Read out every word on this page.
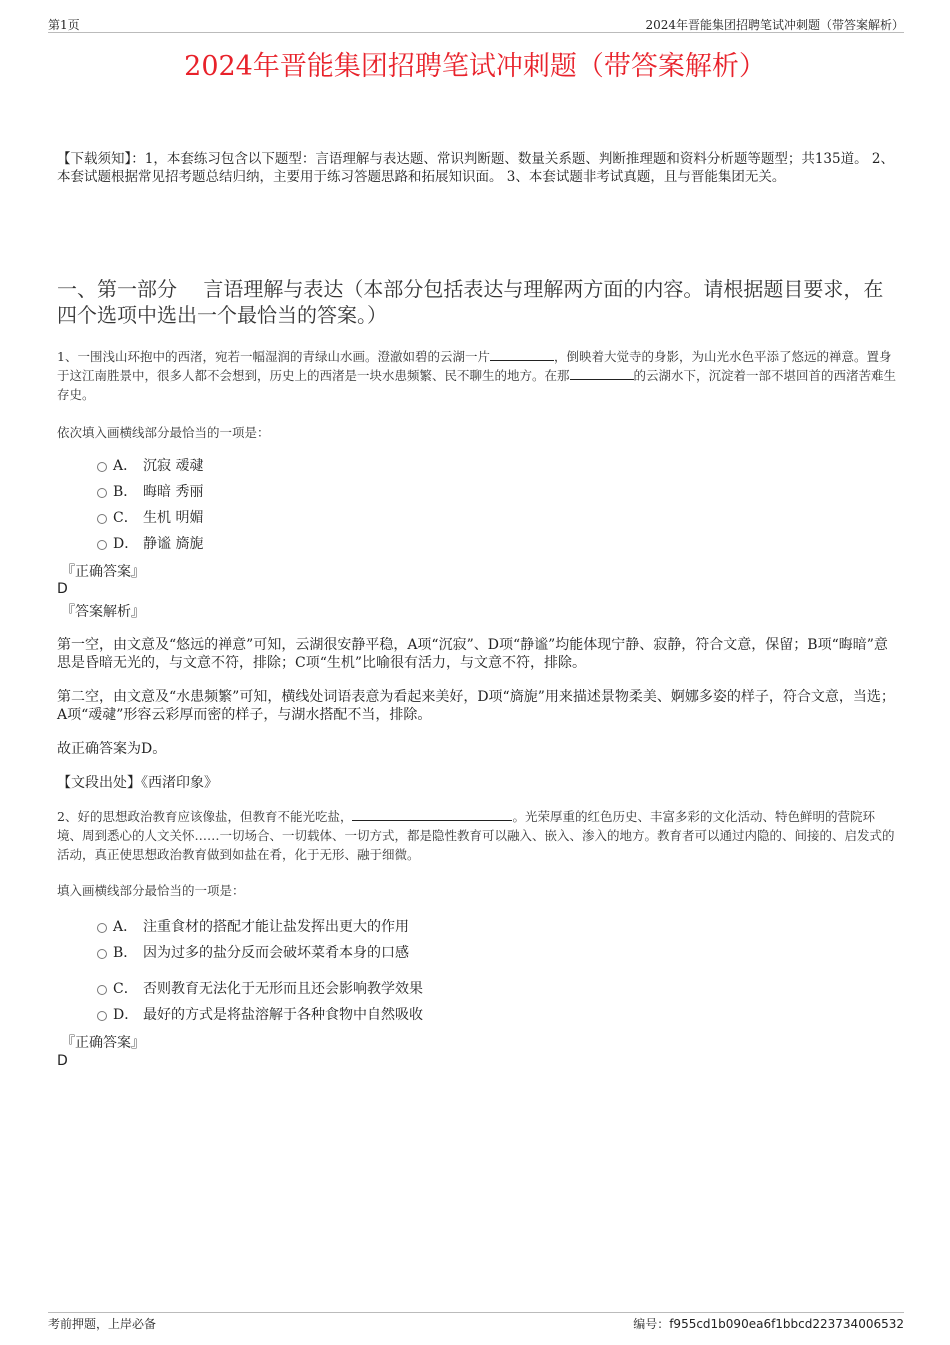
第1页	2024年晋能集团招聘笔试冲刺题（带答案解析）
2024年晋能集团招聘笔试冲刺题（带答案解析）
【下载须知】：1，本套练习包含以下题型：言语理解与表达题、常识判断题、数量关系题、判断推理题和资料分析题等题型；共135道。 2、本套试题根据常见招考题总结归纳，主要用于练习答题思路和拓展知识面。 3、本套试题非考试真题，且与晋能集团无关。
一、第一部分　 言语理解与表达（本部分包括表达与理解两方面的内容。请根据题目要求，在四个选项中选出一个最恰当的答案。）
1、一围浅山环抱中的西渚，宛若一幅湿润的青绿山水画。澄澈如碧的云湖一片	，倒映着大觉寺的身影，为山光水色平添了悠远的禅意。置身于这江南胜景中，很多人都不会想到，历史上的西渚是一块水患频繁、民不聊生的地方。在那	的云湖水下，沉淀着一部不堪回首的西渚苦难生存史。
依次填入画横线部分最恰当的一项是：
A． 沉寂 叆叇
B． 晦暗 秀丽
C． 生机 明媚
D． 静谧 旖旎
『正确答案』
D
『答案解析』
第一空，由文意及“悠远的禅意”可知，云湖很安静平稳，A项“沉寂”、D项“静谧”均能体现宁静、寂静，符合文意，保留；B项“晦暗”意思是昏暗无光的，与文意不符，排除；C项“生机”比喻很有活力，与文意不符，排除。
第二空，由文意及“水患频繁”可知，横线处词语表意为看起来美好，D项“旖旎”用来描述景物柔美、婀娜多姿的样子，符合文意，当选；A项“叆叇”形容云彩厚而密的样子，与湖水搭配不当，排除。
故正确答案为D。
【文段出处】《西渚印象》
2、好的思想政治教育应该像盐，但教育不能光吃盐，	。光荣厚重的红色历史、丰富多彩的文化活动、特色鲜明的营院环境、周到悉心的人文关怀……一切场合、一切载体、一切方式，都是隐性教育可以融入、嵌入、渗入的地方。教育者可以通过内隐的、间接的、启发式的活动，真正使思想政治教育做到如盐在肴，化于无形、融于细微。
填入画横线部分最恰当的一项是：
A． 注重食材的搭配才能让盐发挥出更大的作用
B． 因为过多的盐分反而会破坏菜肴本身的口感
C． 否则教育无法化于无形而且还会影响教学效果
D． 最好的方式是将盐溶解于各种食物中自然吸收
『正确答案』
D
考前押题，上岸必备	编号：f955cd1b090ea6f1bbcd223734006532
